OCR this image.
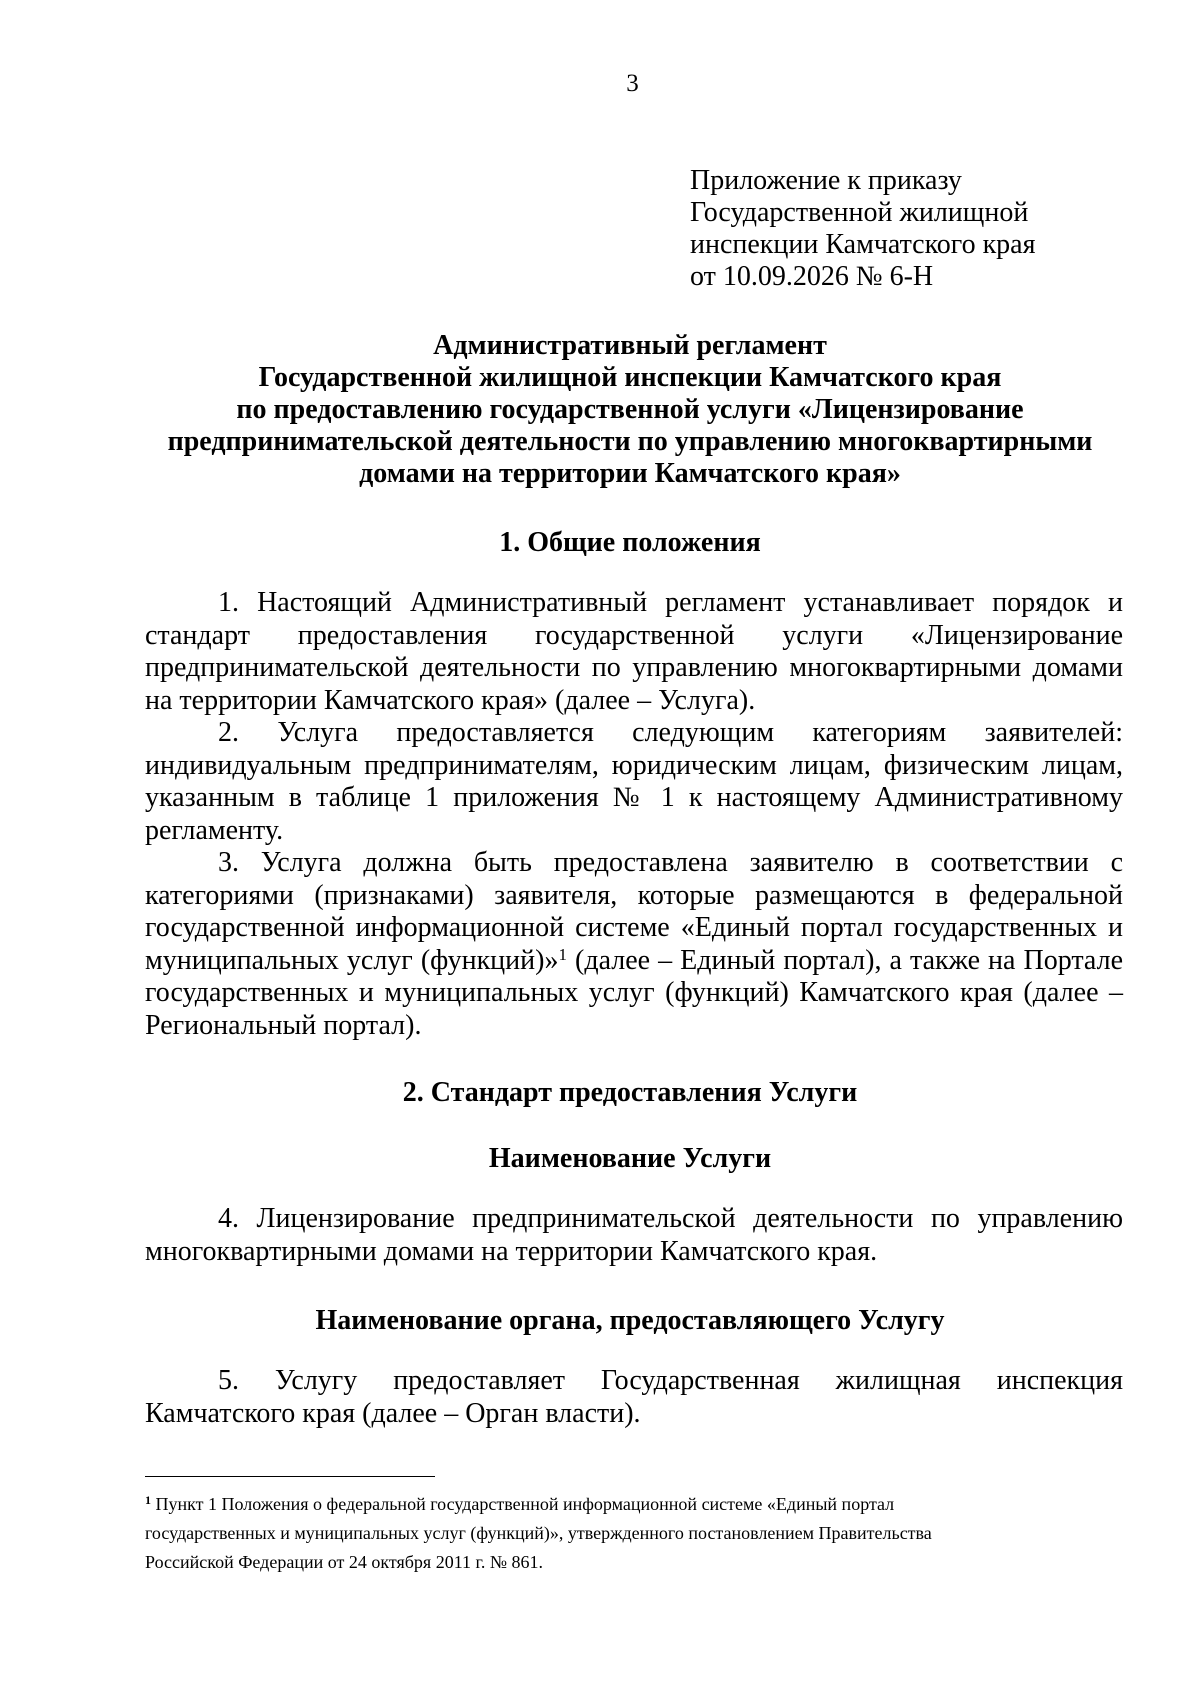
3
Приложение к приказу
Государственной жилищной
инспекции Камчатского края
от 10.09.2026 № 6-Н
Административный регламент
Государственной жилищной инспекции Камчатского края
по предоставлению государственной услуги «Лицензирование
предпринимательской деятельности по управлению многоквартирными
домами на территории Камчатского края»
1. Общие положения
1. Настоящий Административный регламент устанавливает порядок и стандарт предоставления государственной услуги «Лицензирование предпринимательской деятельности по управлению многоквартирными домами на территории Камчатского края» (далее – Услуга).
2. Услуга предоставляется следующим категориям заявителей: индивидуальным предпринимателям, юридическим лицам, физическим лицам, указанным в таблице 1 приложения № 1 к настоящему Административному регламенту.
3. Услуга должна быть предоставлена заявителю в соответствии с категориями (признаками) заявителя, которые размещаются в федеральной государственной информационной системе «Единый портал государственных и муниципальных услуг (функций)»$^1$ (далее – Единый портал), а также на Портале государственных и муниципальных услуг (функций) Камчатского края (далее – Региональный портал).
2. Стандарт предоставления Услуги
Наименование Услуги
4. Лицензирование предпринимательской деятельности по управлению многоквартирными домами на территории Камчатского края.
Наименование органа, предоставляющего Услугу
5. Услугу предоставляет Государственная жилищная инспекция Камчатского края (далее – Орган власти).
$^1$ Пункт 1 Положения о федеральной государственной информационной системе «Единый портал
государственных и муниципальных услуг (функций)», утвержденного постановлением Правительства
Российской Федерации от 24 октября 2011 г. № 861.
